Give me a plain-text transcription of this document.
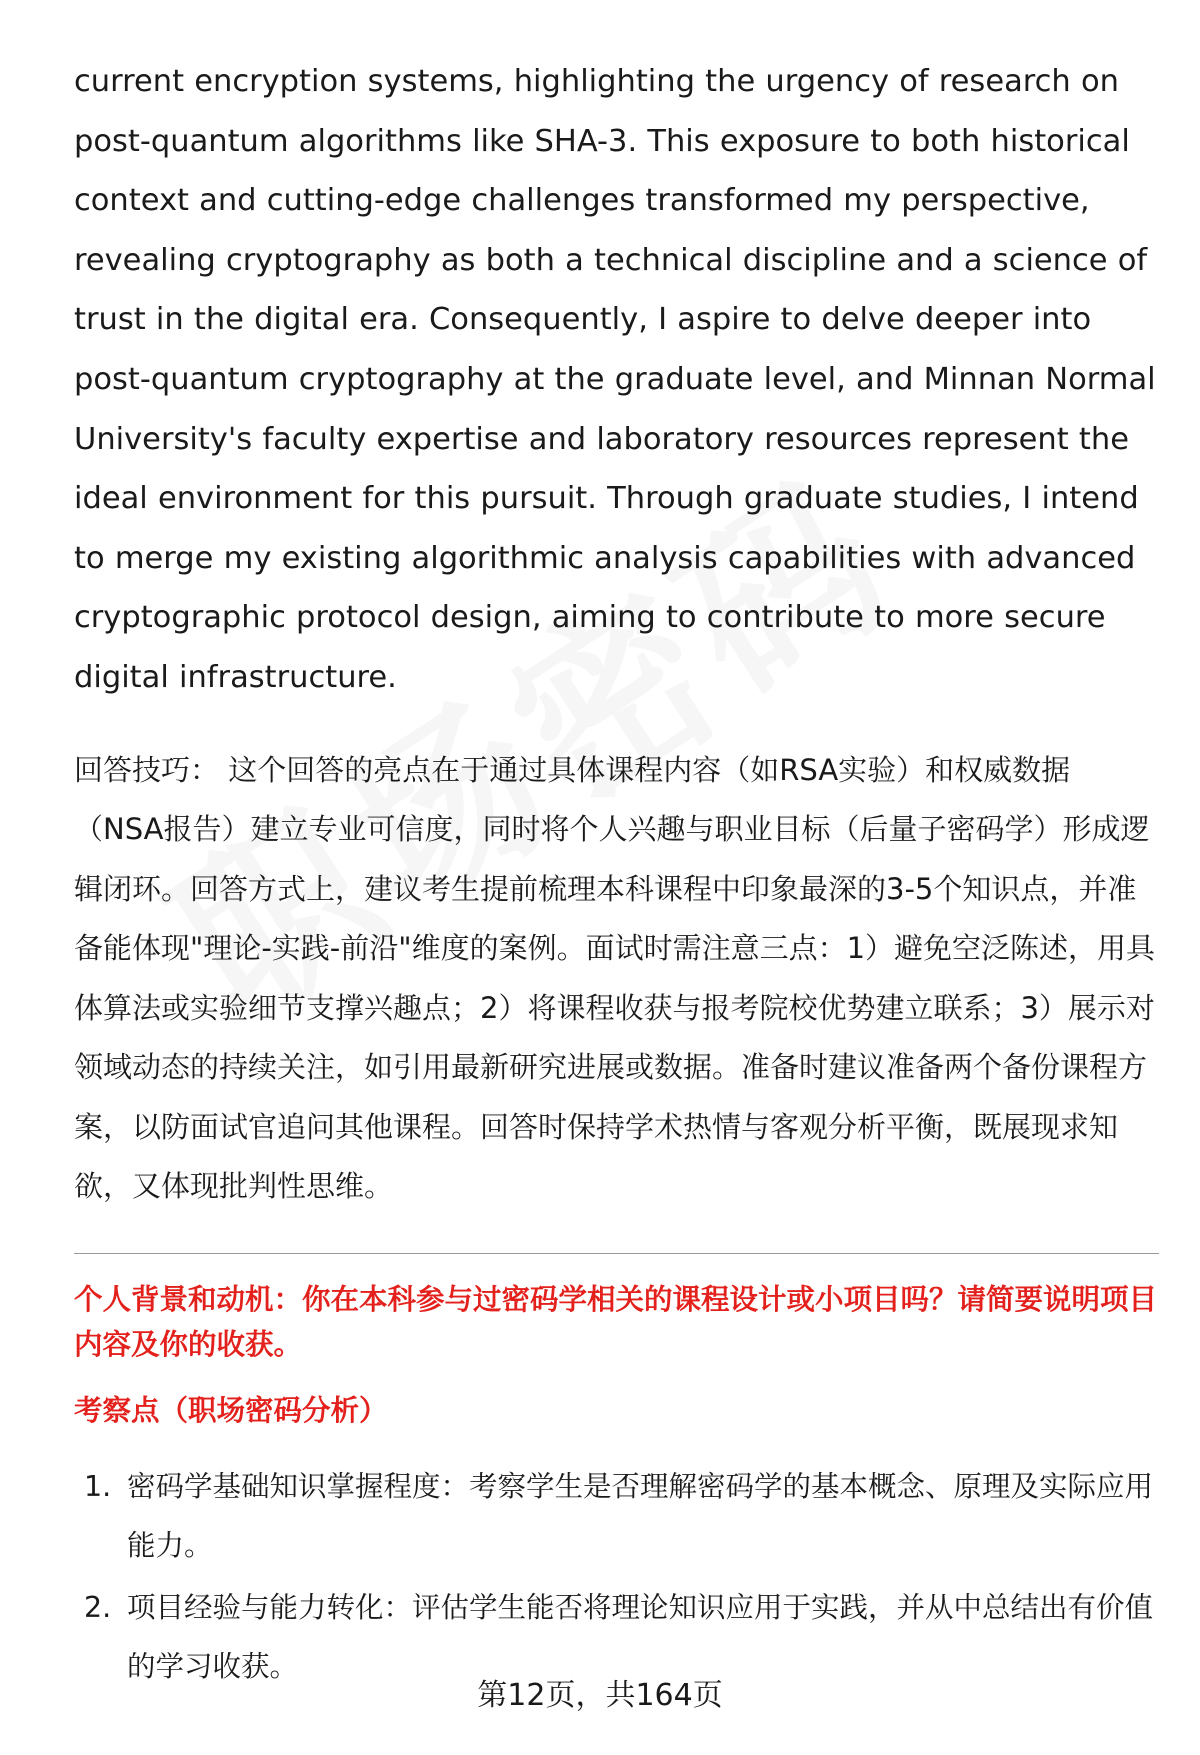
current encryption systems, highlighting the urgency of research on post-quantum algorithms like SHA-3. This exposure to both historical context and cutting-edge challenges transformed my perspective, revealing cryptography as both a technical discipline and a science of trust in the digital era. Consequently, I aspire to delve deeper into post-quantum cryptography at the graduate level, and Minnan Normal University's faculty expertise and laboratory resources represent the ideal environment for this pursuit. Through graduate studies, I intend to merge my existing algorithmic analysis capabilities with advanced cryptographic protocol design, aiming to contribute to more secure digital infrastructure.

回答技巧： 这个回答的亮点在于通过具体课程内容（如RSA实验）和权威数据（NSA报告）建立专业可信度，同时将个人兴趣与职业目标（后量子密码学）形成逻辑闭环。回答方式上，建议考生提前梳理本科课程中印象最深的3-5个知识点，并准备能体现"理论-实践-前沿"维度的案例。面试时需注意三点：1）避免空泛陈述，用具体算法或实验细节支撑兴趣点；2）将课程收获与报考院校优势建立联系；3）展示对领域动态的持续关注，如引用最新研究进展或数据。准备时建议准备两个备份课程方案，以防面试官追问其他课程。回答时保持学术热情与客观分析平衡，既展现求知欲，又体现批判性思维。

个人背景和动机：你在本科参与过密码学相关的课程设计或小项目吗？请简要说明项目内容及你的收获。
考察点（职场密码分析）
1. 密码学基础知识掌握程度：考察学生是否理解密码学的基本概念、原理及实际应用能力。
2. 项目经验与能力转化：评估学生能否将理论知识应用于实践，并从中总结出有价值的学习收获。
第12页，共164页
